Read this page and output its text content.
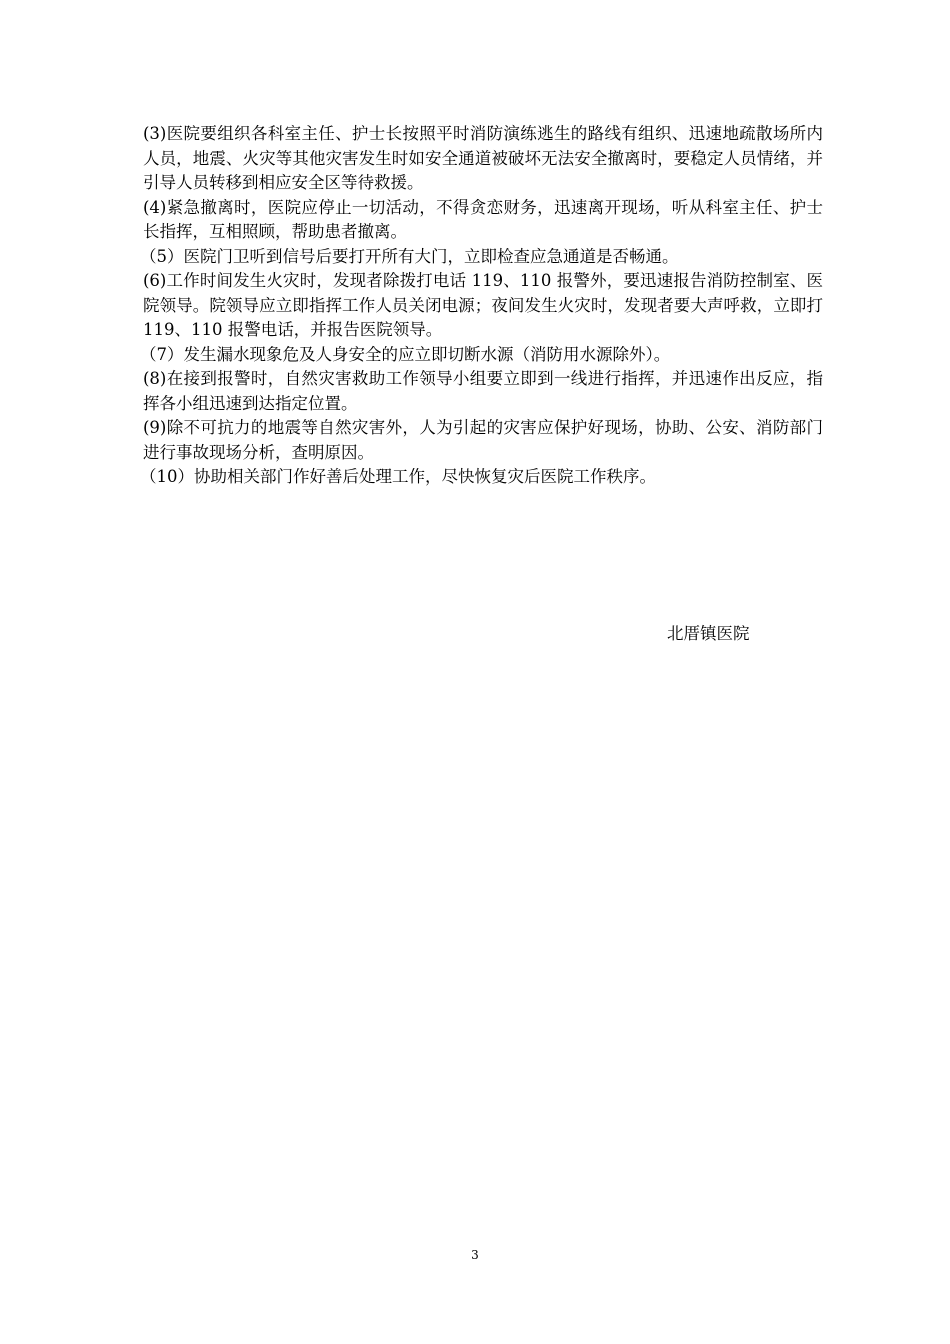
(3)医院要组织各科室主任、护士长按照平时消防演练逃生的路线有组织、迅速地疏散场所内人员，地震、火灾等其他灾害发生时如安全通道被破坏无法安全撤离时，要稳定人员情绪，并引导人员转移到相应安全区等待救援。

(4)紧急撤离时，医院应停止一切活动，不得贪恋财务，迅速离开现场，听从科室主任、护士长指挥，互相照顾，帮助患者撤离。

（5）医院门卫听到信号后要打开所有大门，立即检查应急通道是否畅通。

(6)工作时间发生火灾时，发现者除拨打电话 119、110 报警外，要迅速报告消防控制室、医院领导。院领导应立即指挥工作人员关闭电源；夜间发生火灾时，发现者要大声呼救，立即打 119、110 报警电话，并报告医院领导。

（7）发生漏水现象危及人身安全的应立即切断水源（消防用水源除外）。

(8)在接到报警时，自然灾害救助工作领导小组要立即到一线进行指挥，并迅速作出反应，指挥各小组迅速到达指定位置。

(9)除不可抗力的地震等自然灾害外，人为引起的灾害应保护好现场，协助、公安、消防部门进行事故现场分析，查明原因。

（10）协助相关部门作好善后处理工作，尽快恢复灾后医院工作秩序。

北厝镇医院
3
